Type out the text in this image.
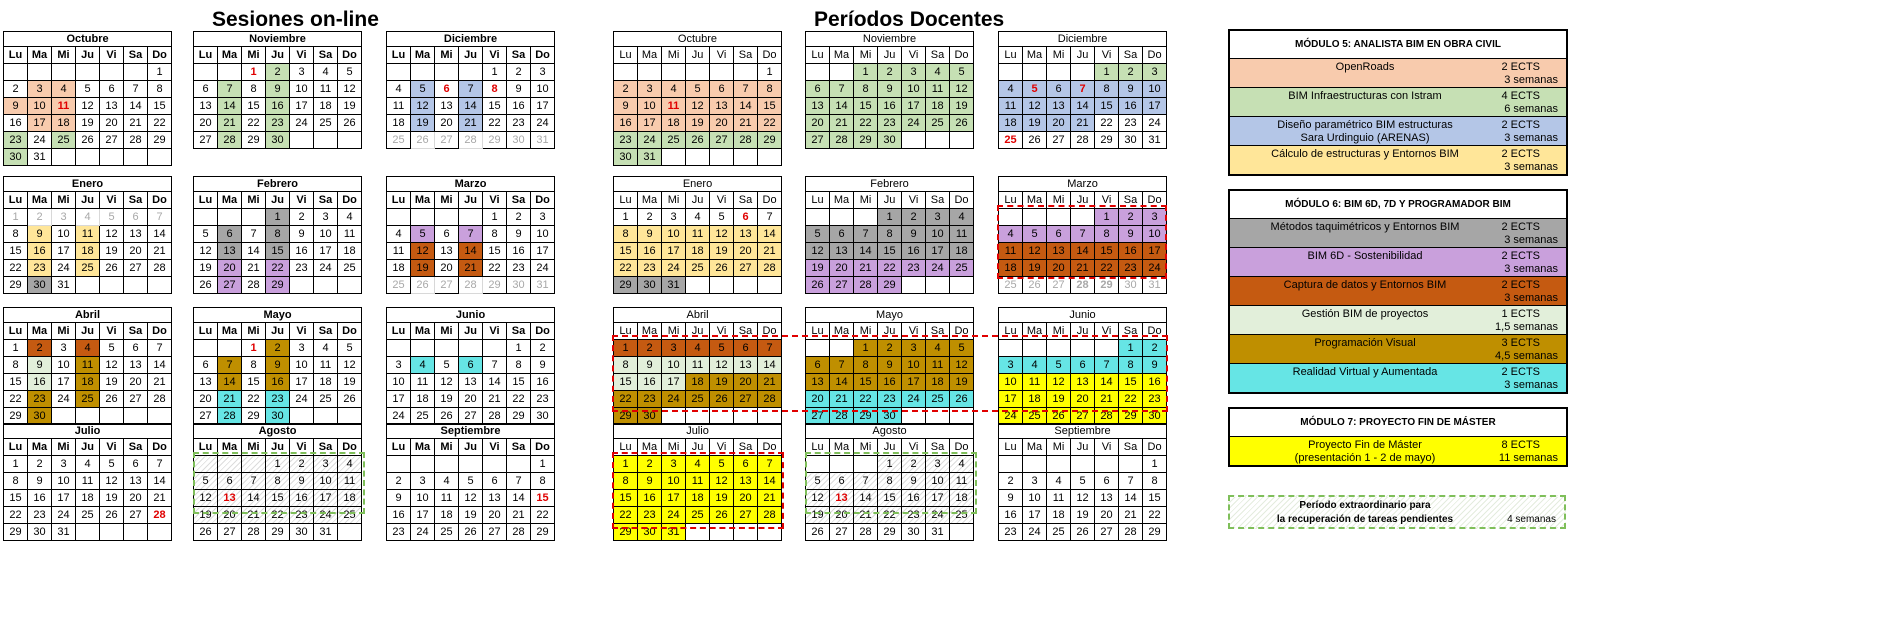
Sesiones on-line	Períodos Docentes
Octubre						
Lu	Ma	Mi	Ju	Vi	Sa	Do
						1
2	3	4	5	6	7	8
9	10	11	12	13	14	15
16	17	18	19	20	21	22
23	24	25	26	27	28	29
30	31					
Noviembre						
Lu	Ma	Mi	Ju	Vi	Sa	Do
		1	2	3	4	5
6	7	8	9	10	11	12
13	14	15	16	17	18	19
20	21	22	23	24	25	26
27	28	29	30			
Diciembre						
Lu	Ma	Mi	Ju	Vi	Sa	Do
				1	2	3
4	5	6	7	8	9	10
11	12	13	14	15	16	17
18	19	20	21	22	23	24
25	26	27	28	29	30	31
Enero						
Lu	Ma	Mi	Ju	Vi	Sa	Do
1	2	3	4	5	6	7
8	9	10	11	12	13	14
15	16	17	18	19	20	21
22	23	24	25	26	27	28
29	30	31				
Febrero						
Lu	Ma	Mi	Ju	Vi	Sa	Do
			1	2	3	4
5	6	7	8	9	10	11
12	13	14	15	16	17	18
19	20	21	22	23	24	25
26	27	28	29			
Marzo						
Lu	Ma	Mi	Ju	Vi	Sa	Do
				1	2	3
4	5	6	7	8	9	10
11	12	13	14	15	16	17
18	19	20	21	22	23	24
25	26	27	28	29	30	31
Abril						
Lu	Ma	Mi	Ju	Vi	Sa	Do
1	2	3	4	5	6	7
8	9	10	11	12	13	14
15	16	17	18	19	20	21
22	23	24	25	26	27	28
29	30					
Mayo						
Lu	Ma	Mi	Ju	Vi	Sa	Do
		1	2	3	4	5
6	7	8	9	10	11	12
13	14	15	16	17	18	19
20	21	22	23	24	25	26
27	28	29	30			
Junio						
Lu	Ma	Mi	Ju	Vi	Sa	Do
					1	2
3	4	5	6	7	8	9
10	11	12	13	14	15	16
17	18	19	20	21	22	23
24	25	26	27	28	29	30
Julio						
Lu	Ma	Mi	Ju	Vi	Sa	Do
1	2	3	4	5	6	7
8	9	10	11	12	13	14
15	16	17	18	19	20	21
22	23	24	25	26	27	28
29	30	31				
Agosto						
Lu	Ma	Mi	Ju	Vi	Sa	Do
			1	2	3	4
5	6	7	8	9	10	11
12	13	14	15	16	17	18
19	20	21	22	23	24	25
26	27	28	29	30	31	
Septiembre						
Lu	Ma	Mi	Ju	Vi	Sa	Do
						1
2	3	4	5	6	7	8
9	10	11	12	13	14	15
16	17	18	19	20	21	22
23	24	25	26	27	28	29
Octubre						
Lu	Ma	Mi	Ju	Vi	Sa	Do
						1
2	3	4	5	6	7	8
9	10	11	12	13	14	15
16	17	18	19	20	21	22
23	24	25	26	27	28	29
30	31					
Noviembre						
Lu	Ma	Mi	Ju	Vi	Sa	Do
		1	2	3	4	5
6	7	8	9	10	11	12
13	14	15	16	17	18	19
20	21	22	23	24	25	26
27	28	29	30			
Diciembre						
Lu	Ma	Mi	Ju	Vi	Sa	Do
				1	2	3
4	5	6	7	8	9	10
11	12	13	14	15	16	17
18	19	20	21	22	23	24
25	26	27	28	29	30	31
Enero						
Lu	Ma	Mi	Ju	Vi	Sa	Do
1	2	3	4	5	6	7
8	9	10	11	12	13	14
15	16	17	18	19	20	21
22	23	24	25	26	27	28
29	30	31				
Febrero						
Lu	Ma	Mi	Ju	Vi	Sa	Do
			1	2	3	4
5	6	7	8	9	10	11
12	13	14	15	16	17	18
19	20	21	22	23	24	25
26	27	28	29			
Marzo						
Lu	Ma	Mi	Ju	Vi	Sa	Do
				1	2	3
4	5	6	7	8	9	10
11	12	13	14	15	16	17
18	19	20	21	22	23	24
25	26	27	28	29	30	31
Abril						
Lu	Ma	Mi	Ju	Vi	Sa	Do
1	2	3	4	5	6	7
8	9	10	11	12	13	14
15	16	17	18	19	20	21
22	23	24	25	26	27	28
29	30					
Mayo						
Lu	Ma	Mi	Ju	Vi	Sa	Do
		1	2	3	4	5
6	7	8	9	10	11	12
13	14	15	16	17	18	19
20	21	22	23	24	25	26
27	28	29	30			
Junio						
Lu	Ma	Mi	Ju	Vi	Sa	Do
					1	2
3	4	5	6	7	8	9
10	11	12	13	14	15	16
17	18	19	20	21	22	23
24	25	26	27	28	29	30
Julio						
Lu	Ma	Mi	Ju	Vi	Sa	Do
1	2	3	4	5	6	7
8	9	10	11	12	13	14
15	16	17	18	19	20	21
22	23	24	25	26	27	28
29	30	31				
Agosto						
Lu	Ma	Mi	Ju	Vi	Sa	Do
			1	2	3	4
5	6	7	8	9	10	11
12	13	14	15	16	17	18
19	20	21	22	23	24	25
26	27	28	29	30	31	
Septiembre						
Lu	Ma	Mi	Ju	Vi	Sa	Do
						1
2	3	4	5	6	7	8
9	10	11	12	13	14	15
16	17	18	19	20	21	22
23	24	25	26	27	28	29
MÓDULO 5: ANALISTA BIM EN OBRA CIVIL
OpenRoads	2 ECTS
3 semanas
BIM Infraestructuras con Istram	4 ECTS
6 semanas
Diseño paramétrico BIM estructuras
Sara Urdinguio (ARENAS)
2 ECTS
3 semanas
Cálculo de estructuras y Entornos BIM	2 ECTS
3 semanas
MÓDULO 6: BIM 6D, 7D Y PROGRAMADOR BIM
Métodos taquimétricos y Entornos BIM	2 ECTS
3 semanas
BIM 6D - Sostenibilidad	2 ECTS
3 semanas
Captura de datos y Entornos BIM	2 ECTS
3 semanas
Gestión BIM de proyectos	1 ECTS
1,5 semanas
Programación Visual	3 ECTS
4,5 semanas
Realidad Virtual y Aumentada	2 ECTS
3 semanas
MÓDULO 7: PROYECTO FIN DE MÁSTER
Proyecto Fin de Máster
(presentación 1 - 2 de mayo)
8 ECTS
11 semanas
Período extraordinario para
la recuperación de tareas pendientes	4 semanas
